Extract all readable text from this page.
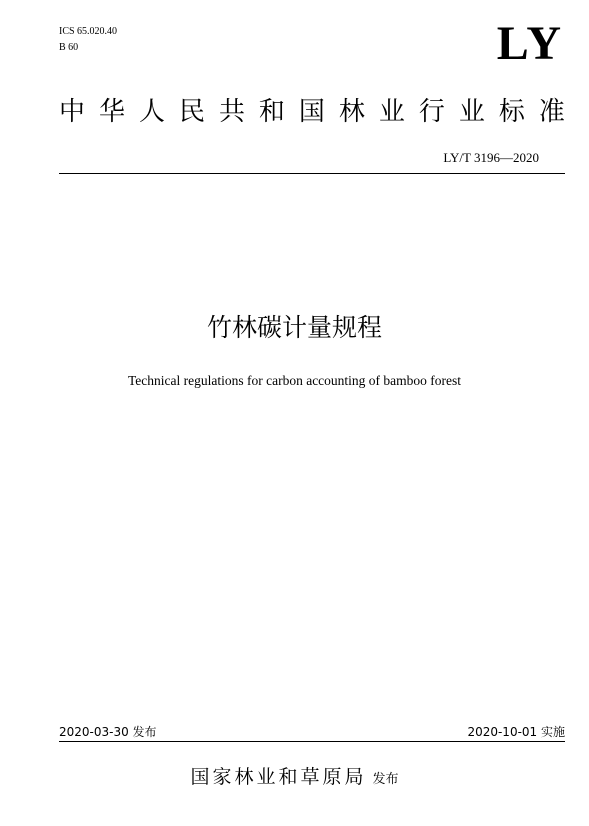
ICS 65.020.40
B 60	LY
中 华 人 民 共 和 国 林 业 行 业 标 准
LY/T 3196—2020
竹林碳计量规程
Technical regulations for carbon accounting of bamboo forest
2020-03-30 发布	2020-10-01 实施
国家林业和草原局 发布
